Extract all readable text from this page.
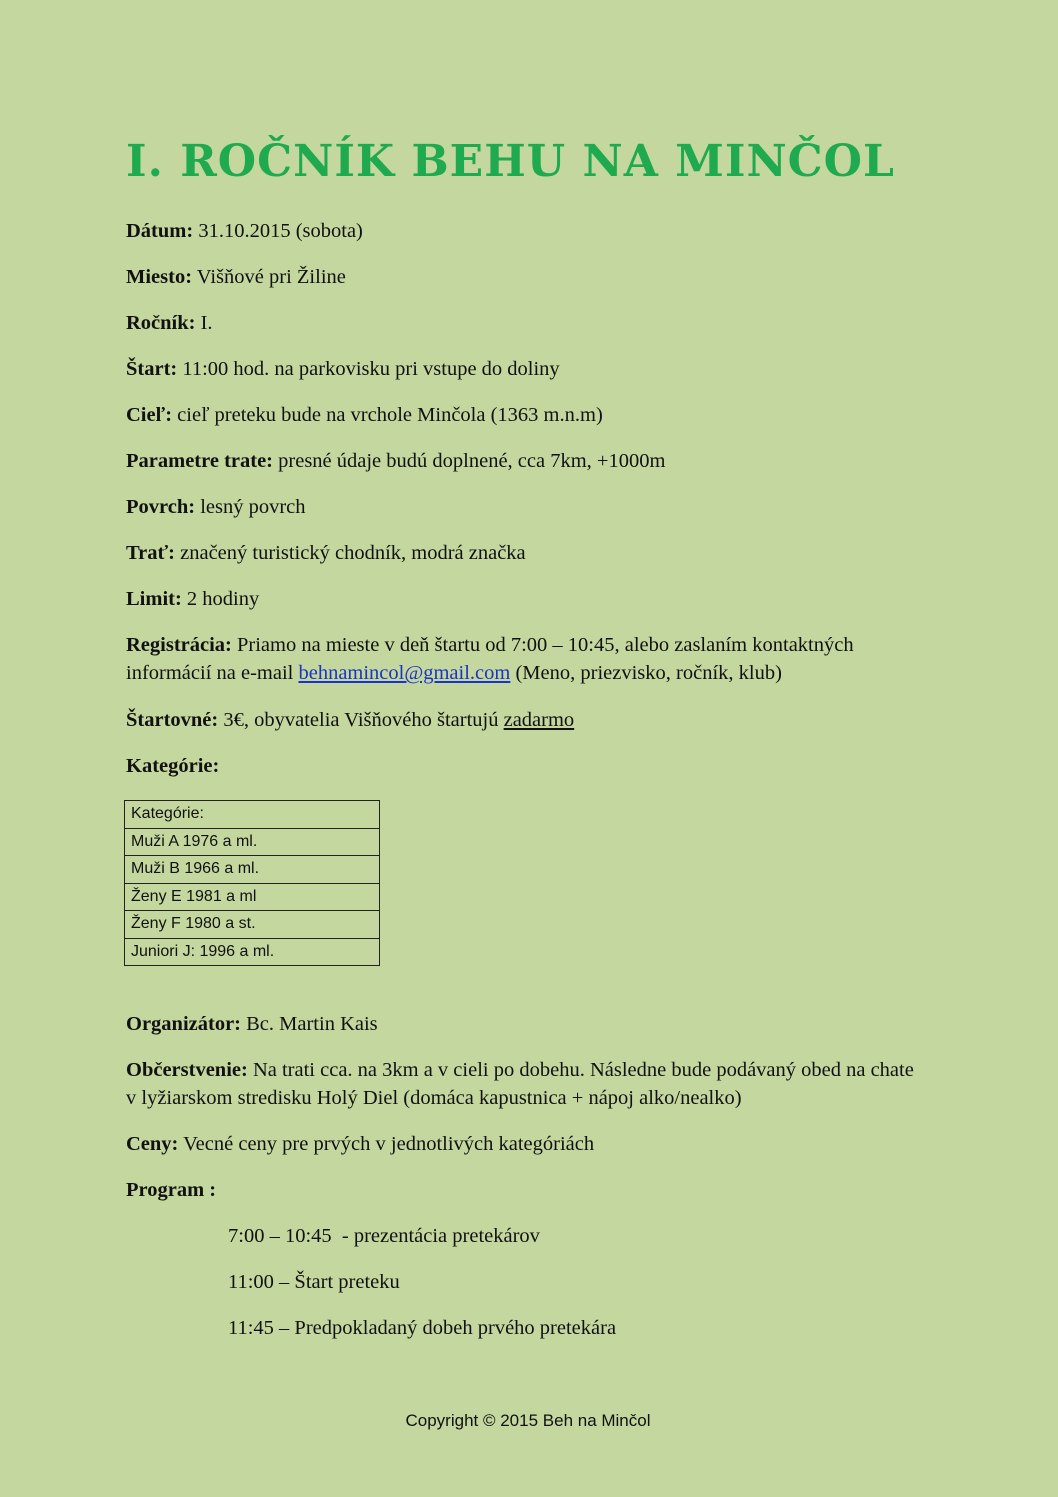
I. ROČNÍK BEHU NA MINČOL

Dátum: 31.10.2015 (sobota)

Miesto: Višňové pri Žiline

Ročník: I.

Štart: 11:00 hod. na parkovisku pri vstupe do doliny

Cieľ: cieľ preteku bude na vrchole Minčola (1363 m.n.m)

Parametre trate: presné údaje budú doplnené, cca 7km, +1000m

Povrch: lesný povrch

Trať: značený turistický chodník, modrá značka

Limit: 2 hodiny

Registrácia: Priamo na mieste v deň štartu od 7:00 – 10:45, alebo zaslaním kontaktných informácií na e-mail behnamincol@gmail.com (Meno, priezvisko, ročník, klub)

Štartovné: 3€, obyvatelia Višňového štartujú zadarmo

Kategórie:

Kategórie:
Muži A 1976 a ml.
Muži B 1966 a ml.
Ženy E 1981 a ml
Ženy F 1980 a st.
Juniori J: 1996 a ml.

Organizátor: Bc. Martin Kais

Občerstvenie: Na trati cca. na 3km a v cieli po dobehu. Následne bude podávaný obed na chate v lyžiarskom stredisku Holý Diel (domáca kapustnica + nápoj alko/nealko)

Ceny: Vecné ceny pre prvých v jednotlivých kategóriách

Program :

7:00 – 10:45  - prezentácia pretekárov

11:00 – Štart preteku

11:45 – Predpokladaný dobeh prvého pretekára

Copyright © 2015 Beh na Minčol
